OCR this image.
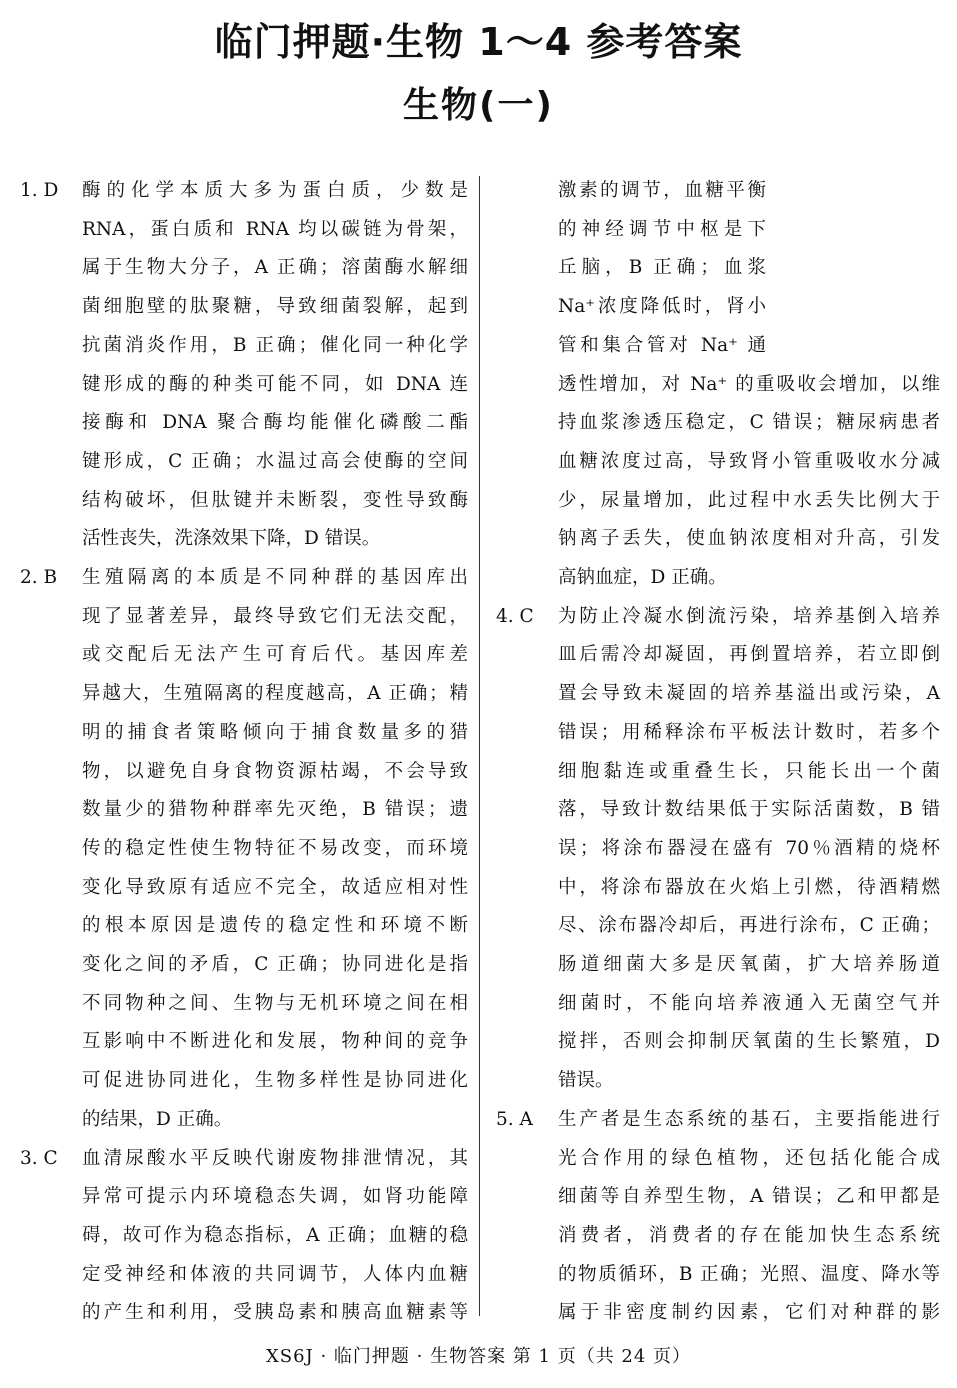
临门押题·生物 1～4 参考答案
生物(一)
1. D 酶的化学本质大多为蛋白质，少数是
RNA，蛋白质和 RNA 均以碳链为骨架，
属于生物大分子，A 正确；溶菌酶水解细
菌细胞壁的肽聚糖，导致细菌裂解，起到
抗菌消炎作用，B 正确；催化同一种化学
键形成的酶的种类可能不同，如 DNA 连
接酶和 DNA 聚合酶均能催化磷酸二酯
键形成，C 正确；水温过高会使酶的空间
结构破坏，但肽键并未断裂，变性导致酶
活性丧失，洗涤效果下降，D 错误。
2. B 生殖隔离的本质是不同种群的基因库出
现了显著差异，最终导致它们无法交配，
或交配后无法产生可育后代。基因库差
异越大，生殖隔离的程度越高，A 正确；精
明的捕食者策略倾向于捕食数量多的猎
物，以避免自身食物资源枯竭，不会导致
数量少的猎物种群率先灭绝，B 错误；遗
传的稳定性使生物特征不易改变，而环境
变化导致原有适应不完全，故适应相对性
的根本原因是遗传的稳定性和环境不断
变化之间的矛盾，C 正确；协同进化是指
不同物种之间、生物与无机环境之间在相
互影响中不断进化和发展，物种间的竞争
可促进协同进化，生物多样性是协同进化
的结果，D 正确。
3. C 血清尿酸水平反映代谢废物排泄情况，其
异常可提示内环境稳态失调，如肾功能障
碍，故可作为稳态指标，A 正确；血糖的稳
定受神经和体液的共同调节，人体内血糖
的产生和利用，受胰岛素和胰高血糖素等
激素的调节，血糖平衡
的神经调节中枢是下
丘脑，B 正确；血浆
Na⁺浓度降低时，肾小
管和集合管对 Na⁺ 通
透性增加，对 Na⁺ 的重吸收会增加，以维
持血浆渗透压稳定，C 错误；糖尿病患者
血糖浓度过高，导致肾小管重吸收水分减
少，尿量增加，此过程中水丢失比例大于
钠离子丢失，使血钠浓度相对升高，引发
高钠血症，D 正确。
4. C 为防止冷凝水倒流污染，培养基倒入培养
皿后需冷却凝固，再倒置培养，若立即倒
置会导致未凝固的培养基溢出或污染，A
错误；用稀释涂布平板法计数时，若多个
细胞黏连或重叠生长，只能长出一个菌
落，导致计数结果低于实际活菌数，B 错
误；将涂布器浸在盛有 70％酒精的烧杯
中，将涂布器放在火焰上引燃，待酒精燃
尽、涂布器冷却后，再进行涂布，C 正确；
肠道细菌大多是厌氧菌，扩大培养肠道
细菌时，不能向培养液通入无菌空气并
搅拌，否则会抑制厌氧菌的生长繁殖，D
错误。
5. A 生产者是生态系统的基石，主要指能进行
光合作用的绿色植物，还包括化能合成
细菌等自养型生物，A 错误；乙和甲都是
消费者，消费者的存在能加快生态系统
的物质循环，B 正确；光照、温度、降水等
属于非密度制约因素，它们对种群的影
XS6J · 临门押题 · 生物答案 第 1 页（共 24 页）
